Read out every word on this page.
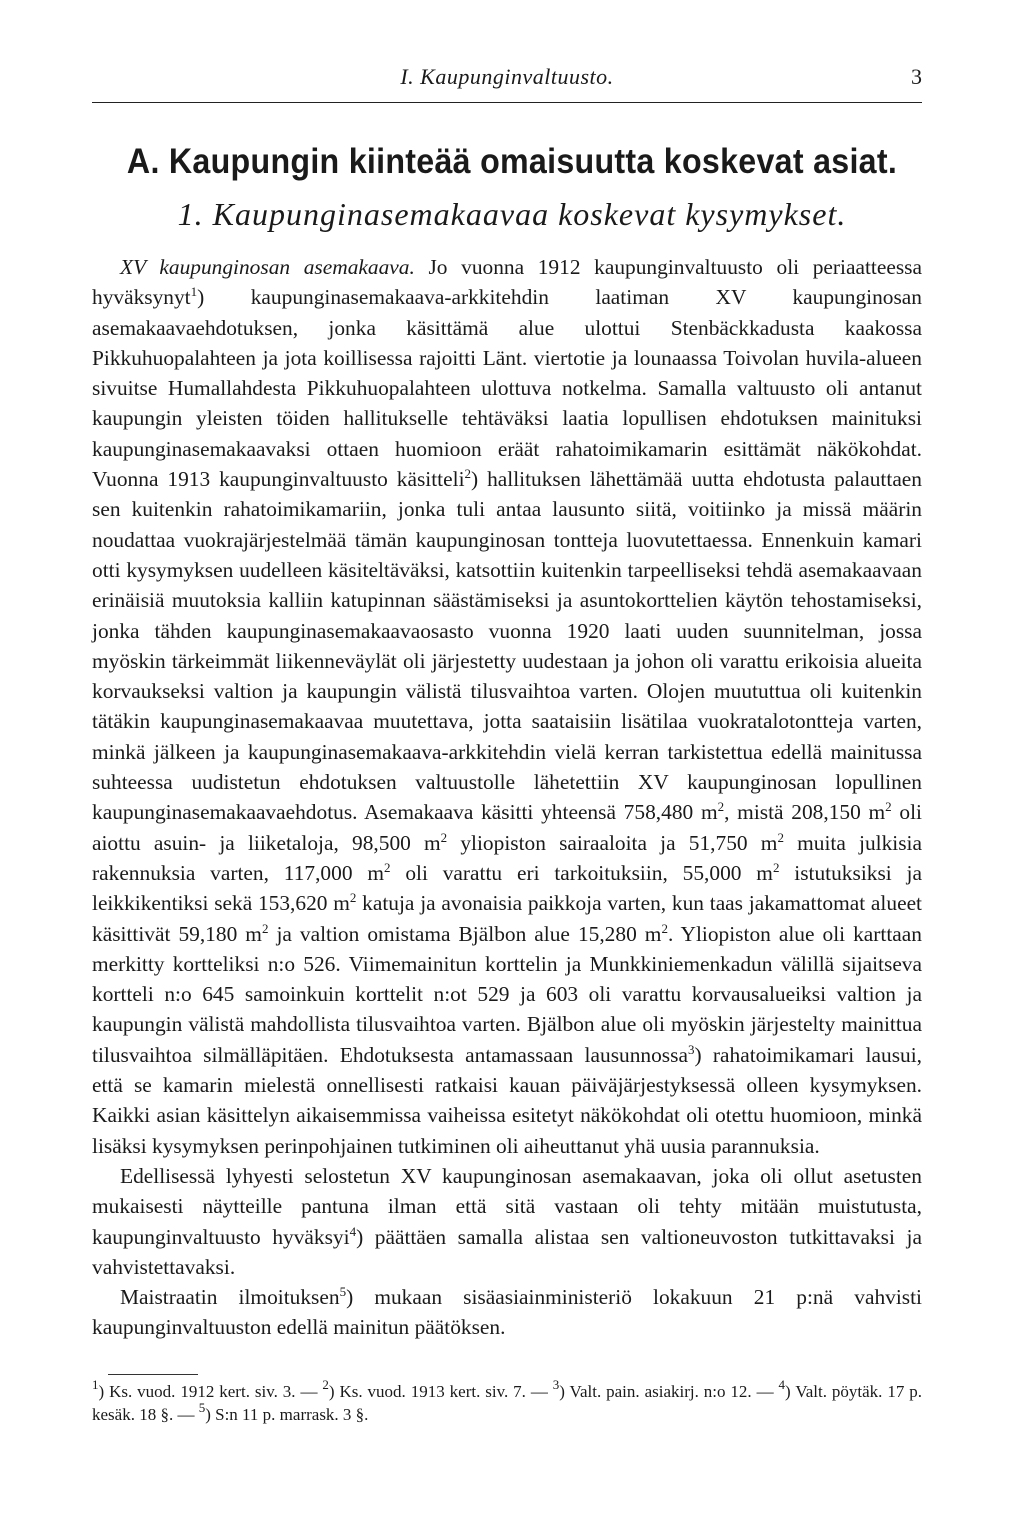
I. Kaupunginvaltuusto.	3
A. Kaupungin kiinteää omaisuutta koskevat asiat.
1. Kaupunginasemakaavaa koskevat kysymykset.

XV kaupunginosan asemakaava. Jo vuonna 1912 kaupunginvaltuusto oli periaatteessa hyväksynyt$^1$) kaupunginasemakaava-arkkitehdin laatiman XV kaupunginosan asemakaavaehdotuksen, jonka käsittämä alue ulottui Stenbäckkadusta kaakossa Pikkuhuopalahteen ja jota koillisessa rajoitti Länt. viertotie ja lounaassa Toivolan huvila-alueen sivuitse Humallahdesta Pikkuhuopalahteen ulottuva notkelma. Samalla valtuusto oli antanut kaupungin yleisten töiden hallitukselle tehtäväksi laatia lopullisen ehdotuksen mainituksi kaupunginasemakaavaksi ottaen huomioon eräät rahatoimikamarin esittämät näkökohdat. Vuonna 1913 kaupunginvaltuusto käsitteli$^2$) hallituksen lähettämää uutta ehdotusta palauttaen sen kuitenkin rahatoimikamariin, jonka tuli antaa lausunto siitä, voitiinko ja missä määrin noudattaa vuokrajärjestelmää tämän kaupunginosan tontteja luovutettaessa. Ennenkuin kamari otti kysymyksen uudelleen käsiteltäväksi, katsottiin kuitenkin tarpeelliseksi tehdä asemakaavaan erinäisiä muutoksia kalliin katupinnan säästämiseksi ja asuntokorttelien käytön tehostamiseksi, jonka tähden kaupunginasemakaavaosasto vuonna 1920 laati uuden suunnitelman, jossa myöskin tärkeimmät liikenneväylät oli järjestetty uudestaan ja johon oli varattu erikoisia alueita korvaukseksi valtion ja kaupungin välistä tilusvaihtoa varten. Olojen muututtua oli kuitenkin tätäkin kaupunginasemakaavaa muutettava, jotta saataisiin lisätilaa vuokratalotontteja varten, minkä jälkeen ja kaupunginasemakaava-arkkitehdin vielä kerran tarkistettua edellä mainitussa suhteessa uudistetun ehdotuksen valtuustolle lähetettiin XV kaupunginosan lopullinen kaupunginasemakaavaehdotus. Asemakaava käsitti yhteensä 758,480 $m^2$, mistä 208,150 $m^2$ oli aiottu asuin- ja liiketaloja, 98,500 $m^2$ yliopiston sairaaloita ja 51,750 $m^2$ muita julkisia rakennuksia varten, 117,000 $m^2$ oli varattu eri tarkoituksiin, 55,000 $m^2$ istutuksiksi ja leikkikentiksi sekä 153,620 $m^2$ katuja ja avonaisia paikkoja varten, kun taas jakamattomat alueet käsittivät 59,180 $m^2$ ja valtion omistama Bjälbon alue 15,280 $m^2$. Yliopiston alue oli karttaan merkitty kortteliksi n:o 526. Viimemainitun korttelin ja Munkkiniemenkadun välillä sijaitseva kortteli n:o 645 samoinkuin korttelit n:ot 529 ja 603 oli varattu korvausalueiksi valtion ja kaupungin välistä mahdollista tilusvaihtoa varten. Bjälbon alue oli myöskin järjestelty mainittua tilusvaihtoa silmälläpitäen. Ehdotuksesta antamassaan lausunnossa$^3$) rahatoimikamari lausui, että se kamarin mielestä onnellisesti ratkaisi kauan päiväjärjestyksessä olleen kysymyksen. Kaikki asian käsittelyn aikaisemmissa vaiheissa esitetyt näkökohdat oli otettu huomioon, minkä lisäksi kysymyksen perinpohjainen tutkiminen oli aiheuttanut yhä uusia parannuksia.

Edellisessä lyhyesti selostetun XV kaupunginosan asemakaavan, joka oli ollut asetusten mukaisesti näytteille pantuna ilman että sitä vastaan oli tehty mitään muistutusta, kaupunginvaltuusto hyväksyi$^4$) päättäen samalla alistaa sen valtioneuvoston tutkittavaksi ja vahvistettavaksi.

Maistraatin ilmoituksen$^5$) mukaan sisäasiainministeriö lokakuun 21 p:nä vahvisti kaupunginvaltuuston edellä mainitun päätöksen.

$^1$) Ks. vuod. 1912 kert. siv. 3. — $^2$) Ks. vuod. 1913 kert. siv. 7. — $^3$) Valt. pain. asiakirj. n:o 12. — $^4$) Valt. pöytäk. 17 p. kesäk. 18 §. — $^5$) S:n 11 p. marrask. 3 §.
